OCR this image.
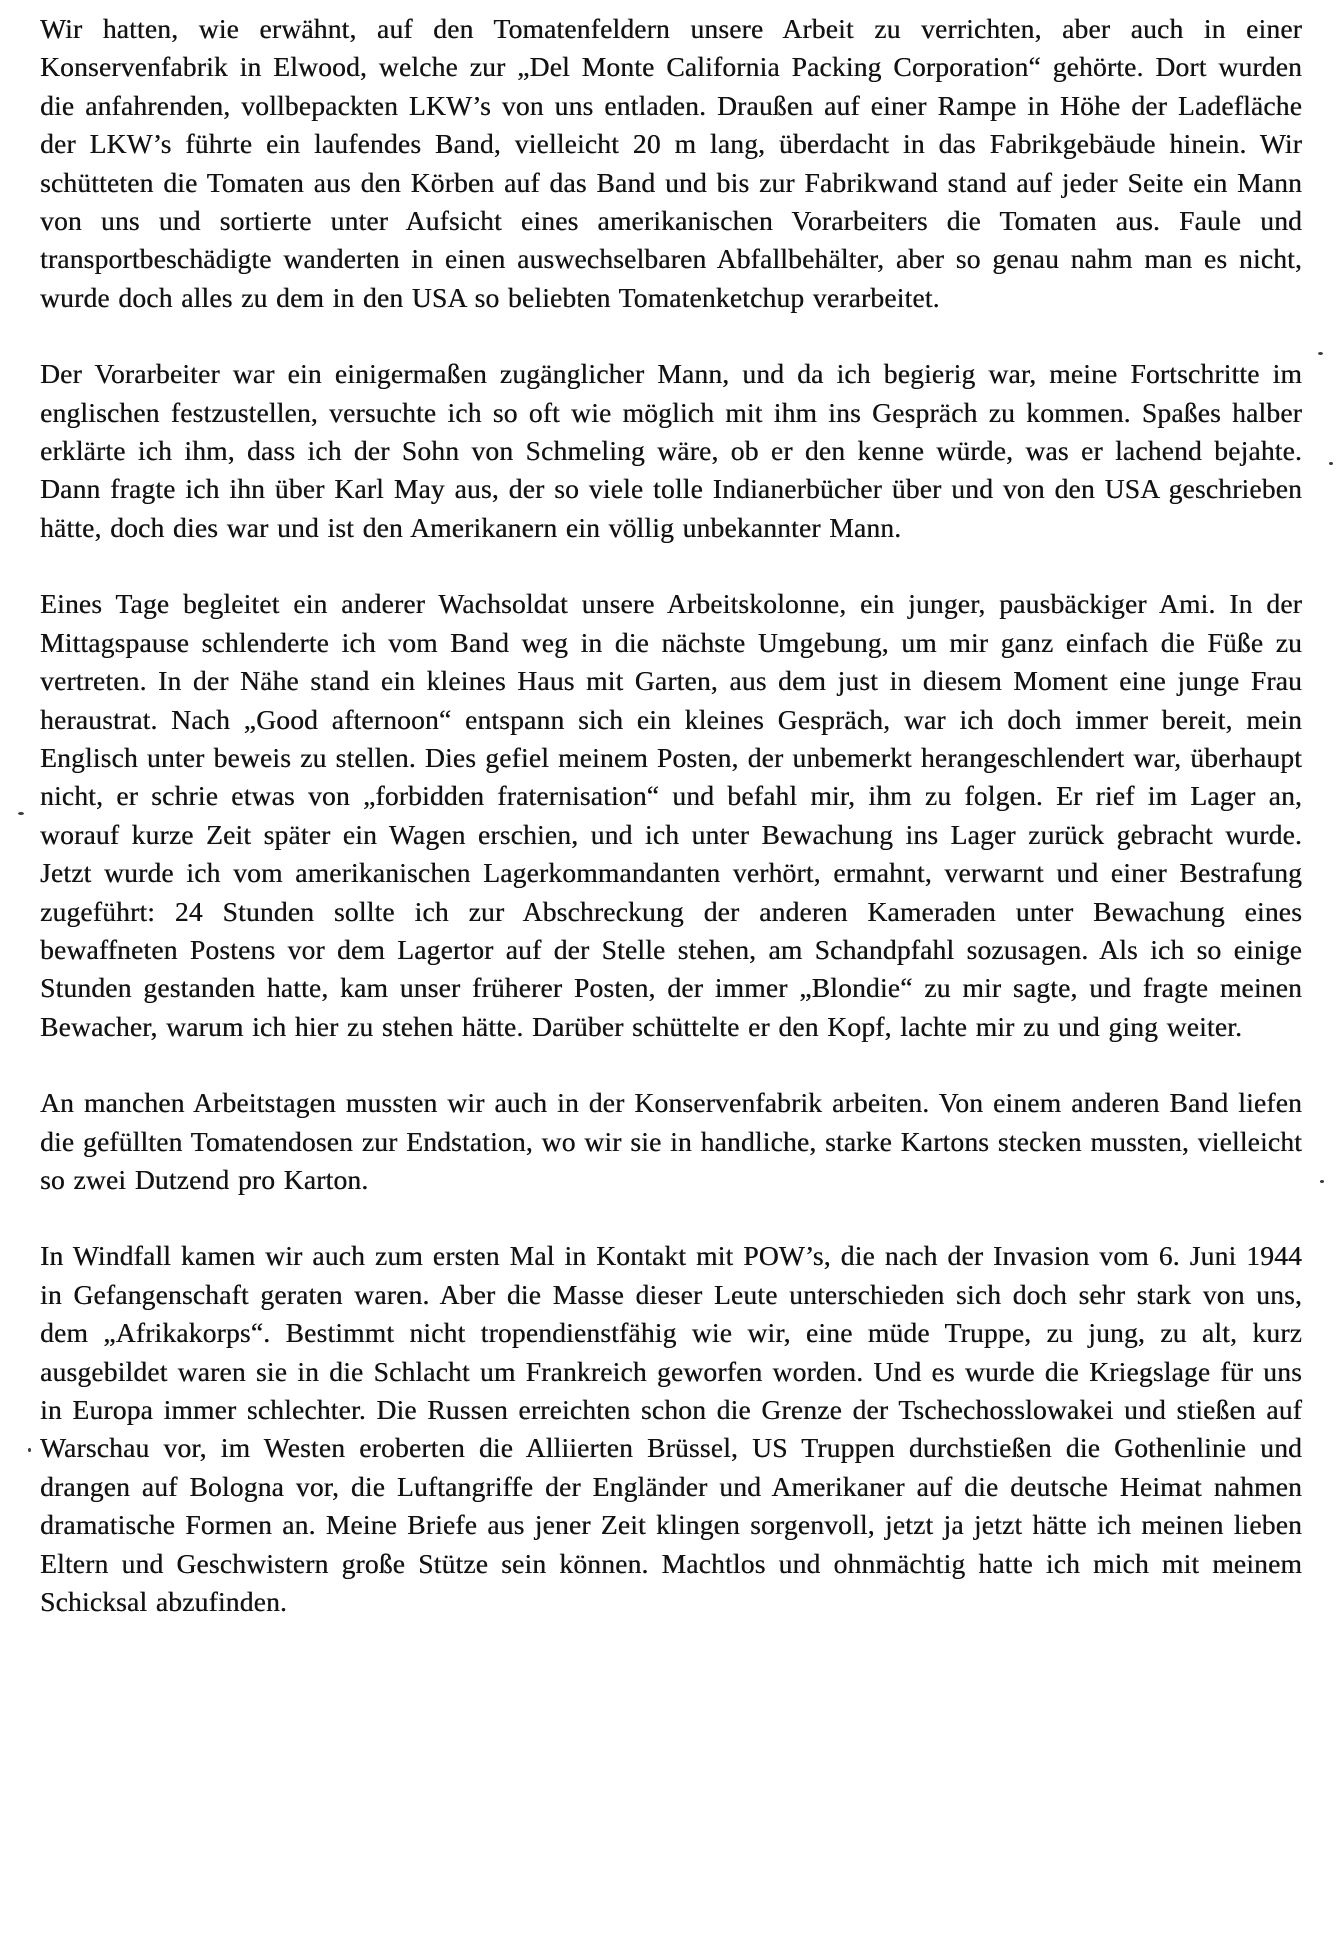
Wir hatten, wie erwähnt, auf den Tomatenfeldern unsere Arbeit zu verrichten, aber auch in einer Konservenfabrik in Elwood, welche zur „Del Monte California Packing Corporation“ gehörte. Dort wurden die anfahrenden, vollbepackten LKW’s von uns entladen. Draußen auf einer Rampe in Höhe der Ladefläche der LKW’s führte ein laufendes Band, vielleicht 20 m lang, überdacht in das Fabrikgebäude hinein. Wir schütteten die Tomaten aus den Körben auf das Band und bis zur Fabrikwand stand auf jeder Seite ein Mann von uns und sortierte unter Aufsicht eines amerikanischen Vorarbeiters die Tomaten aus. Faule und transportbeschädigte wanderten in einen auswechselbaren Abfallbehälter, aber so genau nahm man es nicht, wurde doch alles zu dem in den USA so beliebten Tomatenketchup verarbeitet.

Der Vorarbeiter war ein einigermaßen zugänglicher Mann, und da ich begierig war, meine Fortschritte im englischen festzustellen, versuchte ich so oft wie möglich mit ihm ins Gespräch zu kommen. Spaßes halber erklärte ich ihm, dass ich der Sohn von Schmeling wäre, ob er den kenne würde, was er lachend bejahte. Dann fragte ich ihn über Karl May aus, der so viele tolle Indianerbücher über und von den USA geschrieben hätte, doch dies war und ist den Amerikanern ein völlig unbekannter Mann.

Eines Tage begleitet ein anderer Wachsoldat unsere Arbeitskolonne, ein junger, pausbäckiger Ami. In der Mittagspause schlenderte ich vom Band weg in die nächste Umgebung, um mir ganz einfach die Füße zu vertreten. In der Nähe stand ein kleines Haus mit Garten, aus dem just in diesem Moment eine junge Frau heraustrat. Nach „Good afternoon“ entspann sich ein kleines Gespräch, war ich doch immer bereit, mein Englisch unter beweis zu stellen. Dies gefiel meinem Posten, der unbemerkt herangeschlendert war, überhaupt nicht, er schrie etwas von „forbidden fraternisation“ und befahl mir, ihm zu folgen. Er rief im Lager an, worauf kurze Zeit später ein Wagen erschien, und ich unter Bewachung ins Lager zurück gebracht wurde. Jetzt wurde ich vom amerikanischen Lagerkommandanten verhört, ermahnt, verwarnt und einer Bestrafung zugeführt: 24 Stunden sollte ich zur Abschreckung der anderen Kameraden unter Bewachung eines bewaffneten Postens vor dem Lagertor auf der Stelle stehen, am Schandpfahl sozusagen. Als ich so einige Stunden gestanden hatte, kam unser früherer Posten, der immer „Blondie“ zu mir sagte, und fragte meinen Bewacher, warum ich hier zu stehen hätte. Darüber schüttelte er den Kopf, lachte mir zu und ging weiter.

An manchen Arbeitstagen mussten wir auch in der Konservenfabrik arbeiten. Von einem anderen Band liefen die gefüllten Tomatendosen zur Endstation, wo wir sie in handliche, starke Kartons stecken mussten, vielleicht so zwei Dutzend pro Karton.

In Windfall kamen wir auch zum ersten Mal in Kontakt mit POW’s, die nach der Invasion vom 6. Juni 1944 in Gefangenschaft geraten waren. Aber die Masse dieser Leute unterschieden sich doch sehr stark von uns, dem „Afrikakorps“. Bestimmt nicht tropendienstfähig wie wir, eine müde Truppe, zu jung, zu alt, kurz ausgebildet waren sie in die Schlacht um Frankreich geworfen worden. Und es wurde die Kriegslage für uns in Europa immer schlechter. Die Russen erreichten schon die Grenze der Tschechosslowakei und stießen auf Warschau vor, im Westen eroberten die Alliierten Brüssel, US Truppen durchstießen die Gothenlinie und drangen auf Bologna vor, die Luftangriffe der Engländer und Amerikaner auf die deutsche Heimat nahmen dramatische Formen an. Meine Briefe aus jener Zeit klingen sorgenvoll, jetzt ja jetzt hätte ich meinen lieben Eltern und Geschwistern große Stütze sein können. Machtlos und ohnmächtig hatte ich mich mit meinem Schicksal abzufinden.
